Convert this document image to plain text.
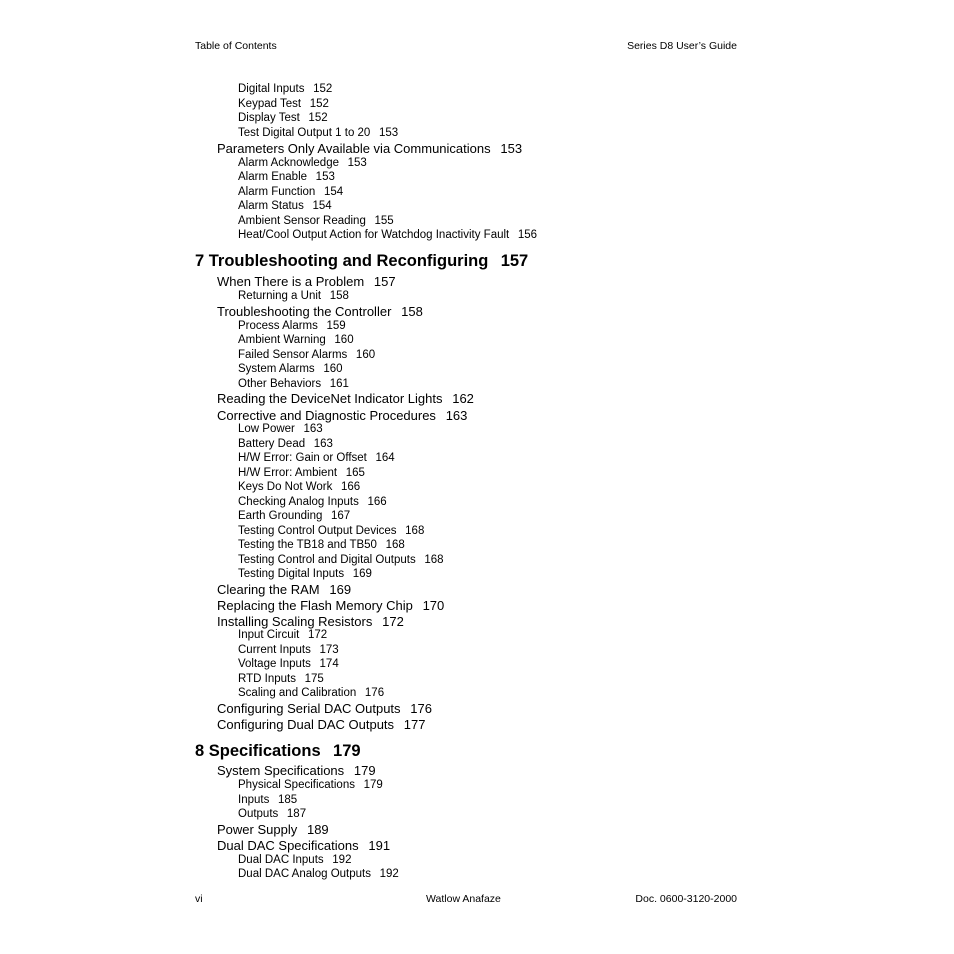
Table of Contents	Series D8 User’s Guide
Digital Inputs 152
Keypad Test 152
Display Test 152
Test Digital Output 1 to 20 153
Parameters Only Available via Communications 153
Alarm Acknowledge 153
Alarm Enable 153
Alarm Function 154
Alarm Status 154
Ambient Sensor Reading 155
Heat/Cool Output Action for Watchdog Inactivity Fault 156
7 Troubleshooting and Reconfiguring 157
When There is a Problem 157
Returning a Unit 158
Troubleshooting the Controller 158
Process Alarms 159
Ambient Warning 160
Failed Sensor Alarms 160
System Alarms 160
Other Behaviors 161
Reading the DeviceNet Indicator Lights 162
Corrective and Diagnostic Procedures 163
Low Power 163
Battery Dead 163
H/W Error: Gain or Offset 164
H/W Error: Ambient 165
Keys Do Not Work 166
Checking Analog Inputs 166
Earth Grounding 167
Testing Control Output Devices 168
Testing the TB18 and TB50 168
Testing Control and Digital Outputs 168
Testing Digital Inputs 169
Clearing the RAM 169
Replacing the Flash Memory Chip 170
Installing Scaling Resistors 172
Input Circuit 172
Current Inputs 173
Voltage Inputs 174
RTD Inputs 175
Scaling and Calibration 176
Configuring Serial DAC Outputs 176
Configuring Dual DAC Outputs 177
8 Specifications 179
System Specifications 179
Physical Specifications 179
Inputs 185
Outputs 187
Power Supply 189
Dual DAC Specifications 191
Dual DAC Inputs 192
Dual DAC Analog Outputs 192
vi	Watlow Anafaze	Doc. 0600-3120-2000
